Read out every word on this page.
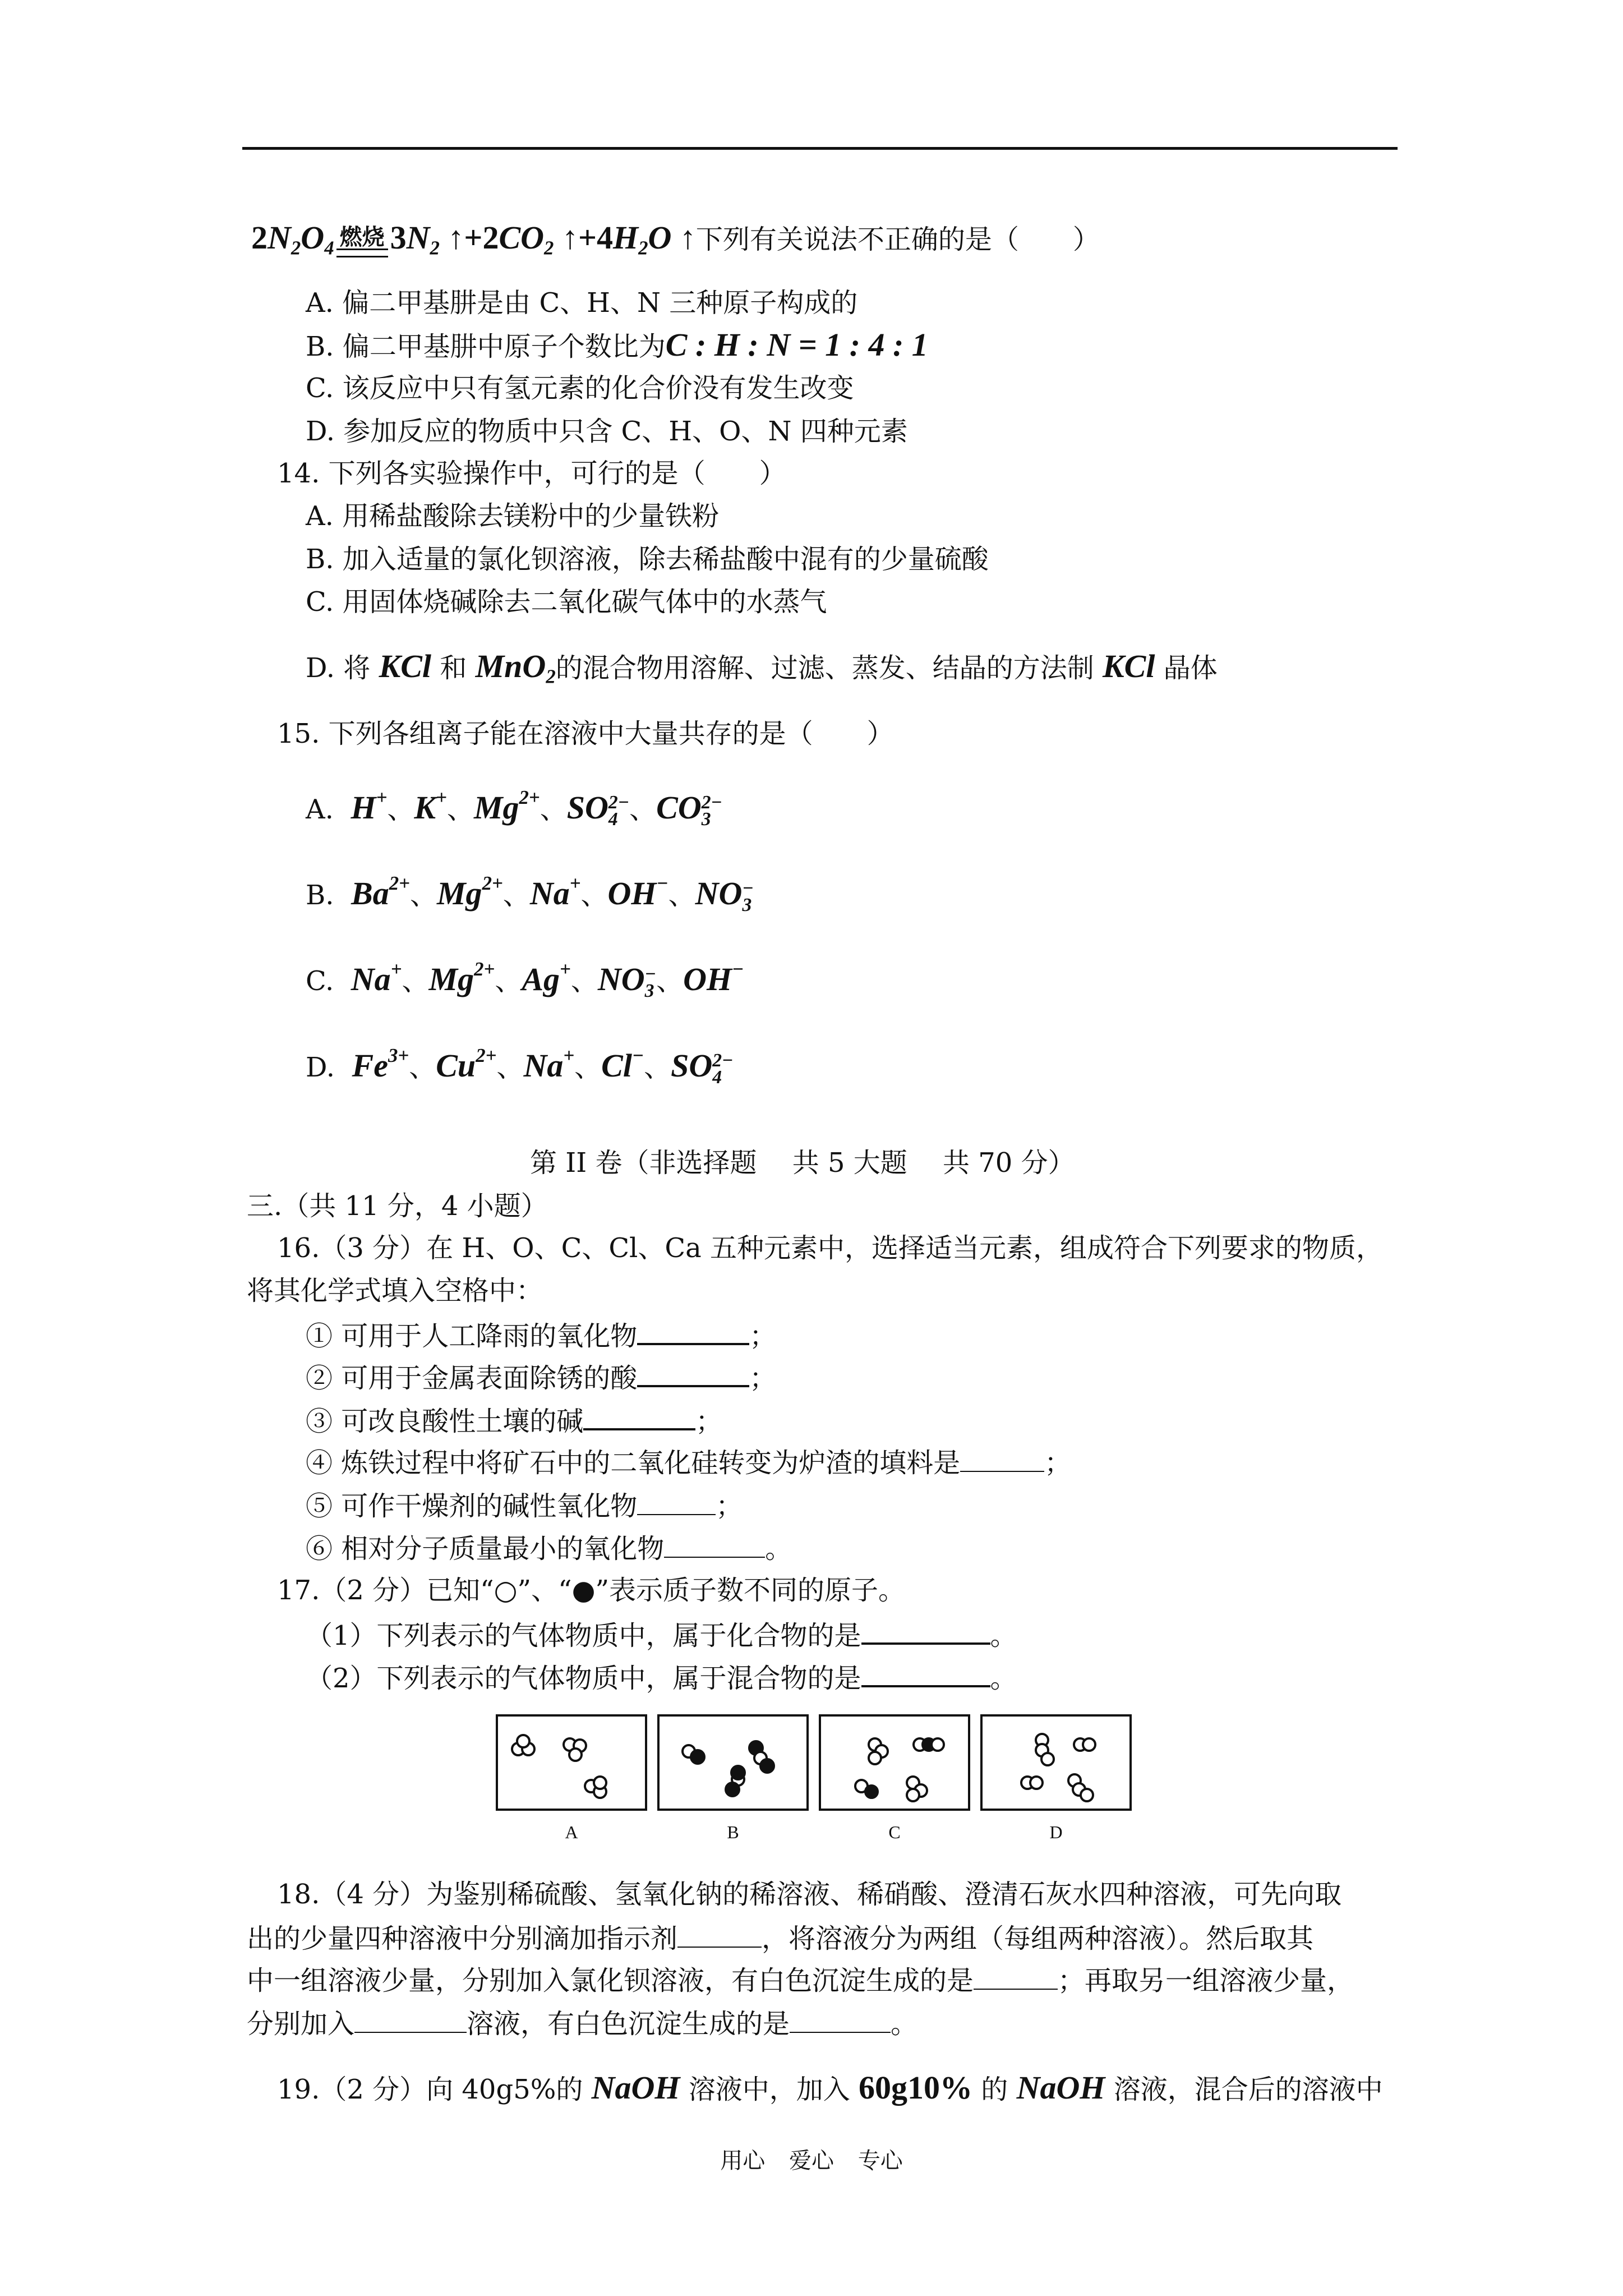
$2N_2O_4$ 燃烧 $3N_2$ $↑+2CO_2$ $↑+4H_2O$ ↑下列有关说法不正确的是（　　）
A. 偏二甲基肼是由 C、H、N 三种原子构成的
B. 偏二甲基肼中原子个数比为C : H : N = 1 : 4 : 1
C. 该反应中只有氢元素的化合价没有发生改变
D. 参加反应的物质中只含 C、H、O、N 四种元素
14. 下列各实验操作中，可行的是（　　）
A. 用稀盐酸除去镁粉中的少量铁粉
B. 加入适量的氯化钡溶液，除去稀盐酸中混有的少量硫酸
C. 用固体烧碱除去二氧化碳气体中的水蒸气
D. 将 KCl 和 MnO$_2$的混合物用溶解、过滤、蒸发、结晶的方法制 KCl 晶体
15. 下列各组离子能在溶液中大量共存的是（　　）
A. H+、K+、$Mg^{2+}$、SO 2−
4 、CO 2−
3
B. $Ba^{2+}$、$Mg^{2+}$、Na+、OH−、NO −
3
C. Na+、$Mg^{2+}$、Ag+、NO −
3 、OH−
D. $Fe^{3+}$、$Cu^{2+}$、Na+、Cl−、SO 2−
4
第 II 卷（非选择题　 共 5 大题　 共 70 分）
三.（共 11 分，4 小题）
16.（3 分）在 H、O、C、Cl、Ca 五种元素中，选择适当元素，组成符合下列要求的物质，
将其化学式填入空格中：
① 可用于人工降雨的氧化物	；
② 可用于金属表面除锈的酸	；
③ 可改良酸性土壤的碱	；
④ 炼铁过程中将矿石中的二氧化硅转变为炉渣的填料是	；
⑤ 可作干燥剂的碱性氧化物	；
⑥ 相对分子质量最小的氧化物	。
17.（2 分）已知“○”、“●”表示质子数不同的原子。
（1）下列表示的气体物质中，属于化合物的是	。
（2）下列表示的气体物质中，属于混合物的是	。
A	B	C	D
18.（4 分）为鉴别稀硫酸、氢氧化钠的稀溶液、稀硝酸、澄清石灰水四种溶液，可先向取
出的少量四种溶液中分别滴加指示剂	，将溶液分为两组（每组两种溶液）。然后取其
中一组溶液少量，分别加入氯化钡溶液，有白色沉淀生成的是	；再取另一组溶液少量，
分别加入	溶液，有白色沉淀生成的是	。
19.（2 分）向 40g5%的 NaOH 溶液中，加入 60g10% 的 NaOH 溶液，混合后的溶液中
用心 爱心 专心
